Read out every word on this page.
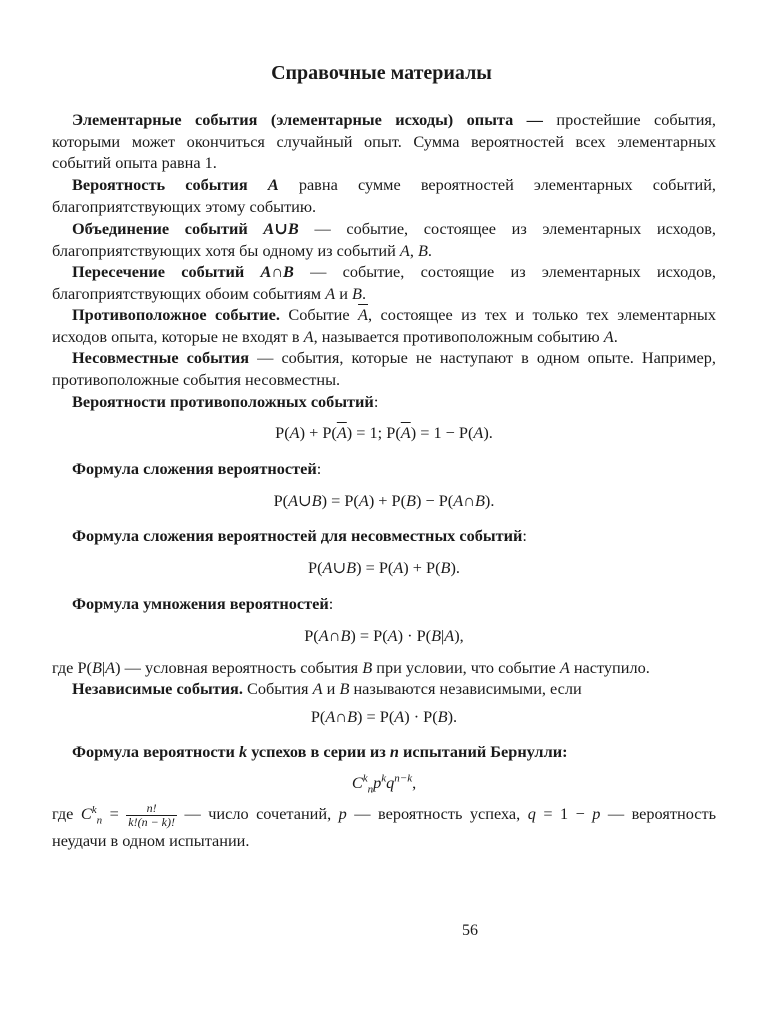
Справочные материалы
Элементарные события (элементарные исходы) опыта — простейшие события, которыми может окончиться случайный опыт. Сумма вероятностей всех элементарных событий опыта равна 1.
Вероятность события A равна сумме вероятностей элементарных событий, благоприятствующих этому событию.
Объединение событий A∪B — событие, состоящее из элементарных исходов, благоприятствующих хотя бы одному из событий A, B.
Пересечение событий A∩B — событие, состоящие из элементарных исходов, благоприятствующих обоим событиям A и B.
Противоположное событие. Событие $\overline{A}$, состоящее из тех и только тех элементарных исходов опыта, которые не входят в A, называется противоположным событию A.
Несовместные события — события, которые не наступают в одном опыте. Например, противоположные события несовместны.
Вероятности противоположных событий:
$P(A) + P(\overline{A}) = 1$; $P(\overline{A}) = 1 - P(A)$.
Формула сложения вероятностей:
P(A∪B) = P(A) + P(B) − P(A∩B).
Формула сложения вероятностей для несовместных событий:
P(A∪B) = P(A) + P(B).
Формула умножения вероятностей:
P(A∩B) = P(A) · P(B|A),
где P(B|A) — условная вероятность события B при условии, что событие A наступило.
Независимые события. События A и B называются независимыми, если
P(A∩B) = P(A) · P(B).
Формула вероятности k успехов в серии из n испытаний Бернулли:
$C^k_np^kq^{n-k}$,
где $C^k_n = \frac{n!}{k!(n - k)!}$ — число сочетаний, p — вероятность успеха, q = 1 − p — вероятность неудачи в одном испытании.
56
